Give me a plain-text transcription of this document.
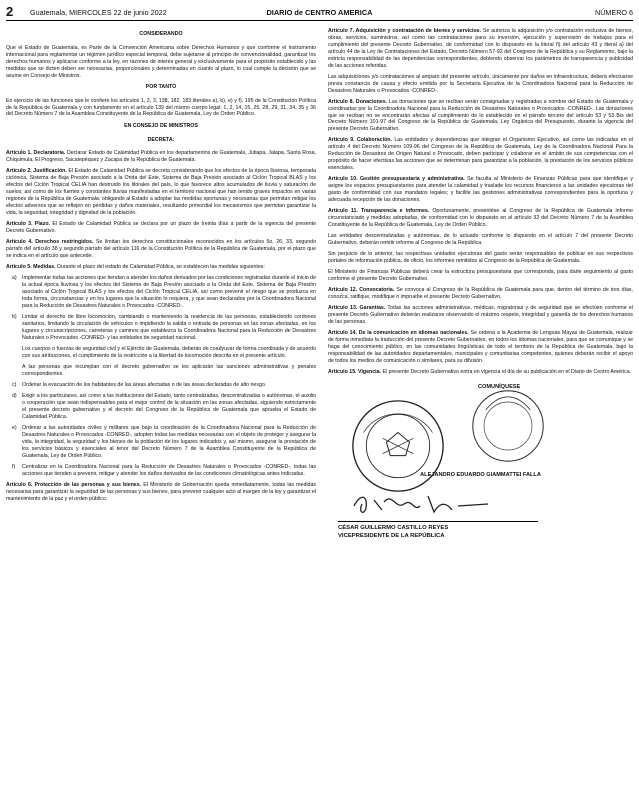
2 Guatemala, MIERCOLES 22 de junio 2022	DIARIO de CENTRO AMERICA	NÚMERO 6

CONSIDERANDO

Que el Estado de Guatemala, es Parte de la Convención Americana sobre Derechos Humanos y que conforme el instrumento internacional para reglamentar un régimen jurídico especial temporal, debe sujetarse al principio de convencionalidad, garantizar los derechos humanos y aplicarse conforme a la ley, en razones de interés general y exclusivamente para el propósito establecido y las medidas que se dicten deben ser necesarias, proporcionales y determinadas en cuanto al plazo, lo cual cumple la decisión que se asume en Consejo de Ministros.

POR TANTO

En ejercicio de las funciones que le confiere los artículos 1, 2, 3, 138, 182, 183 literales a), b), e) y f), 195 de la Constitución Política de la República de Guatemala y con fundamento en el artículo 139 del mismo cuerpo legal; 1, 2, 14, 15, 25, 28, 29, 31, 34, 35 y 36 del Decreto Número 7 de la Asamblea Constituyente de la República de Guatemala, Ley de Orden Público.

EN CONSEJO DE MINISTROS

DECRETA:

Artículo 1. Declaratoria. Declarar Estado de Calamidad Pública en los departamentos de Guatemala, Jutiapa, Jalapa, Santa Rosa, Chiquimula, El Progreso, Sacatepéquez y Zacapa de la República de Guatemala.

Artículo 2. Justificación. El Estado de Calamidad Pública se decreta considerando que los efectos de la época lluviosa, temporada ciclónica, Sistema de Baja Presión asociado a la Onda del Este, Sistema de Baja Presión asociado al Ciclón Tropical BLAS y los efectos del Ciclón Tropical CELIA han destruido los litorales del país, lo que favorece altos acumulados de lluvia y saturación de suelos; así como de los fuertes y constantes lluvias manifestadas en el territorio nacional que han tenido graves impactos en varias regiones de la República de Guatemala; obligando al Estado a adoptar las medidas oportunas y necesarias que permitan mitigar los efectos adversos que se reflejen en pérdidas y daños materiales, resultando primordial los mecanismos que permitan garantizar la vida, la seguridad, integridad y dignidad de la población.

Artículo 3. Plazo. El Estado de Calamidad Pública se declara por un plazo de treinta días a partir de la vigencia del presente Decreto Gubernativo.

Artículo 4. Derechos restringidos. Se limitan los derechos constitucionales reconocidos en los artículos 5o, 26, 33, segundo párrafo del artículo 38 y segundo párrafo del artículo 116 de la Constitución Política de la República de Guatemala, por el plazo que se indica en el artículo que antecede.

Artículo 5. Medidas. Durante el plazo del estado de Calamidad Pública, se establecen las medidas siguientes:

a) Implementar todas las acciones que tiendan a atender los daños derivados por las condiciones registradas durante el inicio de la actual época lluviosa y los efectos del Sistema de Baja Presión asociado a la Onda del Este, Sistema de Baja Presión asociado al Ciclón Tropical BLAS y los efectos del Ciclón Tropical CELIA, así como prevenir el riesgo que se produzca en toda forma, circunstancias y en los lugares que la situación lo requiera, y que sean declarados por la Coordinadora Nacional para la Reducción de Desastres Naturales o Provocados -CONRED-.
b) Limitar el derecho de libre locomoción, cambiando o manteniendo la residencia de las personas, estableciendo cordones sanitarios, limitando la circulación de vehículos o impidiendo la salida o entrada de personas en las zonas afectadas, en los lugares y circunscripciones, carreteras y caminos que establezca la Coordinadora Nacional para la Reducción de Desastres Naturales o Provocados -CONRED- y las entidades de seguridad nacional.
Los cuerpos o fuerzas de seguridad civil y el Ejército de Guatemala, deberán de coadyuvar de forma coordinada y de acuerdo con sus atribuciones, el cumplimiento de la restricción a la libertad de locomoción descrita en el presente artículo.
A las personas que incumplan con el decreto gubernativo se les aplicarán las sanciones administrativas y penales correspondientes.
c) Ordenar la evacuación de los habitantes de las áreas afectadas o de las áreas declaradas de alto riesgo.
d) Exigir a los particulares, así como a las instituciones del Estado, tanto centralizadas, descentralizadas o autónomas, el auxilio o cooperación que sean indispensables para el mejor control de la situación en las zonas afectadas, siguiendo estrictamente el presente decreto gubernativo y el decreto del Congreso de la República de Guatemala que aprueba el Estado de Calamidad Pública.
e) Ordenar a las autoridades civiles y militares que bajo la coordinación de la Coordinadora Nacional para la Reducción de Desastres Naturales o Provocados -CONRED-, adopten todas las medidas necesarias con el objeto de proteger y asegurar la vida, la integridad, la seguridad y los bienes de la población de los lugares indicados y, así mismo, asegurar la prestación de los servicios básicos y esenciales al tenor del Decreto Número 7 de la Asamblea Constituyente de la República de Guatemala, Ley de Orden Público.
f) Centralizar en la Coordinadora Nacional para la Reducción de Desastres Naturales o Provocados -CONRED-, todas las acciones que tienden a prevenir, mitigar y atender los daños derivados de las condiciones climatológicas antes indicadas.

Artículo 6. Protección de las personas y sus bienes. El Ministerio de Gobernación queda inmediatamente, todas las medidas necesarias para garantizar la seguridad de las personas y sus bienes, para prevenir cualquier acto al margen de la ley y garantizar el mantenimiento de la paz y el orden público.

Artículo 7. Adquisición y contratación de bienes y servicios. Se autoriza la adquisición y/o contratación exclusiva de bienes, obras, servicios, suministros, así como las contrataciones para su inversión, ejecución y supervisión de trabajos para el cumplimiento del presente Decreto Gubernativo, de conformidad con lo dispuesto en la literal ñ) del artículo 43 y literal a) del artículo 44 de la Ley de Contrataciones del Estado, Decreto Número 57-92 del Congreso de la República y su Reglamento, bajo la estricta responsabilidad de las dependencias correspondientes, debiendo observar los parámetros de transparencia y publicidad de las acciones referidas.

Las adquisiciones y/o contrataciones al amparo del presente artículo, únicamente por daños en infraestructura, deberá efectuarse previa constancia de causa y efecto emitida por la Secretaría Ejecutiva de la Coordinadora Nacional para la Reducción de Desastres Naturales o Provocados -CONRED-.

Artículo 8. Donaciones. Las donaciones que se reciban serán consignadas y registradas a nombre del Estado de Guatemala y coordinadas por la Coordinadora Nacional para la Reducción de Desastres Naturales o Provocados -CONRED-. Las donaciones que se reciban no se encontrarán afectas al cumplimiento de lo establecido en el párrafo tercero del artículo 53 y 53 Bis del Decreto Número 101-97 del Congreso de la República de Guatemala, Ley Orgánica del Presupuesto, durante la vigencia del presente Decreto Gubernativo.

Artículo 9. Colaboración. Las entidades y dependencias que integran el Organismo Ejecutivo, así como las indicadas en el artículo 4 del Decreto Número 109-96 del Congreso de la República de Guatemala, Ley de la Coordinadora Nacional Para la Reducción de Desastres de Origen Natural o Provocado, deben participar y colaborar en el ámbito de sus competencias con el propósito de hacer efectivas las acciones que se determinan para garantizar a la población, la prestación de los servicios públicos esenciales.

Artículo 10. Gestión presupuestaria y administrativa. Se faculta al Ministerio de Finanzas Públicas para que identifique y asigne los espacios presupuestarios para atender la calamidad y traslade los recursos financieros a las unidades ejecutoras del gasto de conformidad con sus mandatos legales; y facilite las gestiones administrativas correspondientes para la oportuna y adecuada recepción de las donaciones.

Artículo 11. Transparencia e informes. Oportunamente, presentése al Congreso de la República de Guatemala informe circunstanciado y medidas adoptadas, de conformidad con lo dispuesto en el artículo 32 del Decreto Número 7 de la Asamblea Constituyente de la República de Guatemala, Ley de Orden Público.

Las entidades descentralizadas y autónomas, de lo actuado conforme lo dispuesto en el artículo 7 del presente Decreto Gubernativo, deberán remitir informe al Congreso de la República.

Sin perjuicio de lo anterior, las respectivas unidades ejecutoras del gasto serán responsables de publicar en sus respectivos portales de información pública, de oficio, los informes remitidos al Congreso de la República de Guatemala.

El Ministerio de Finanzas Públicas deberá crear la estructura presupuestaria que corresponda, para darle seguimiento al gasto conforme el presente Decreto Gubernativo.

Artículo 12. Convocatoria. Se convoca al Congreso de la República de Guatemala para que, dentro del término de tres días, conozca, ratifique, modifique o impruebe el presente Decreto Gubernativo.

Artículo 13. Garantías. Todas las acciones administrativas, médicas, migratorias y de seguridad que se efectúen conforme el presente Decreto Gubernativo deberán realizarse observando el máximo respeto, integridad y garantía de los derechos humanos de las personas.

Artículo 14. De la comunicación en idiomas nacionales. Se ordena a la Academia de Lenguas Mayas de Guatemala, realizar de forma inmediata la traducción del presente Decreto Gubernativo, en todos los idiomas nacionales, para que se comunique y se haga del conocimiento público, en las comunidades lingüísticas de todo el territorio de la República de Guatemala, bajo la responsabilidad de las autoridades departamentales, municipales y comunitarias competentes, quienes deberán recibir el apoyo de todos los medios de comunicación o similares, para su difusión.

Artículo 15. Vigencia. El presente Decreto Gubernativo entra en vigencia el día de su publicación en el Diario de Centro América.

COMUNÍQUESE
ALEJANDRO EDUARDO GIAMMATTEI FALLA
CÉSAR GUILLERMO CASTILLO REYES
VICEPRESIDENTE DE LA REPÚBLICA
